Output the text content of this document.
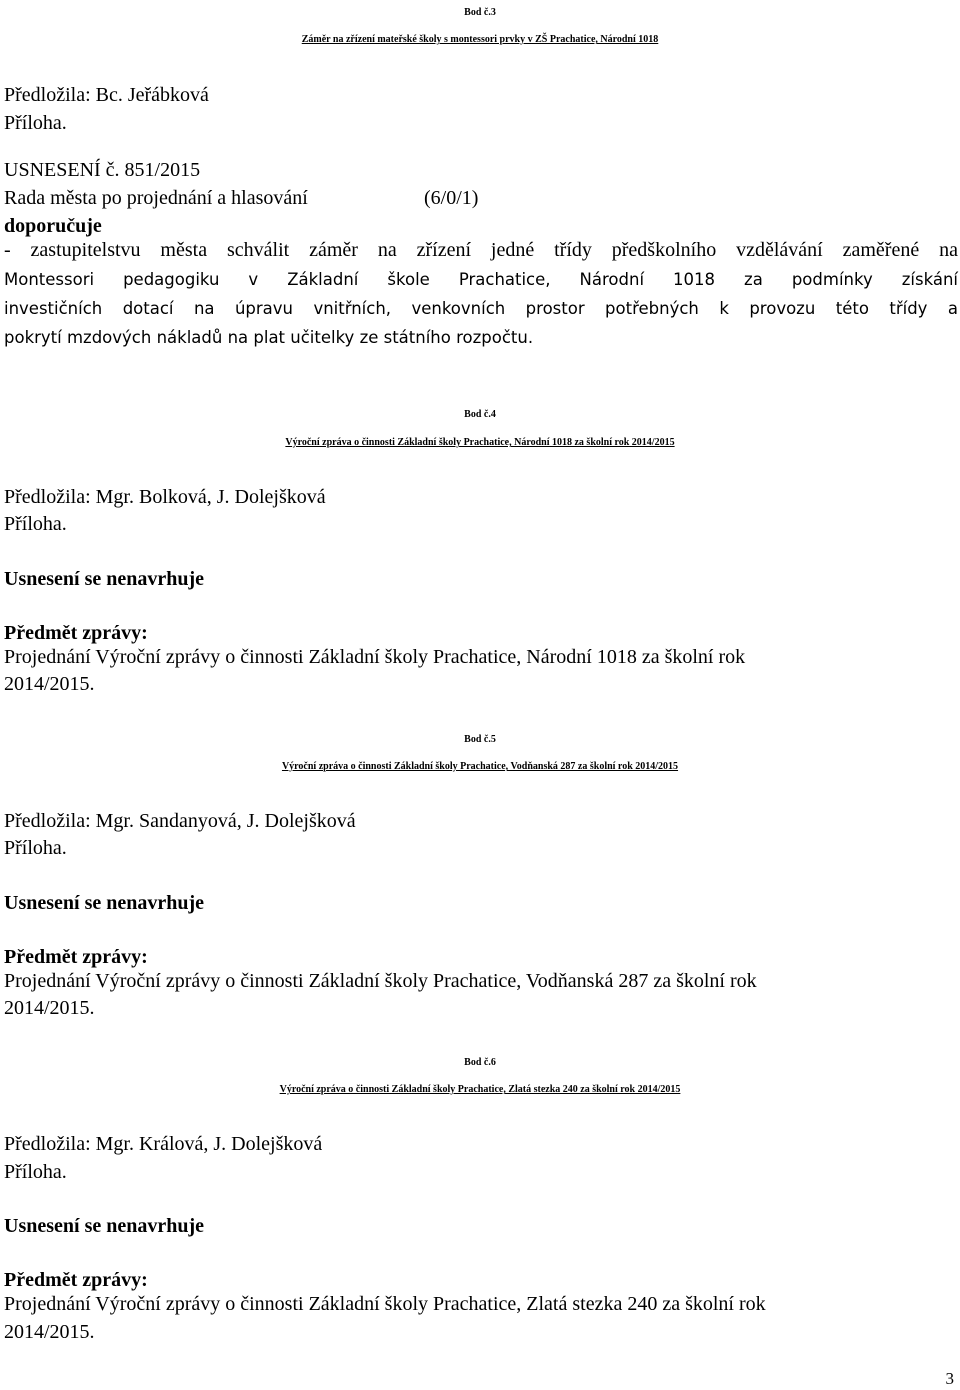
Bod č.3
Záměr na zřízení mateřské školy s montessori prvky v ZŠ Prachatice, Národní 1018
Předložila: Bc. Jeřábková
Příloha.
USNESENÍ č. 851/2015
Rada města po projednání a hlasování	(6/0/1)
doporučuje
- zastupitelstvu města schválit záměr na zřízení jedné třídy předškolního vzdělávání zaměřené na
Montessori pedagogiku v Základní škole Prachatice, Národní 1018 za podmínky získání
investičních dotací na úpravu vnitřních, venkovních prostor potřebných k provozu této třídy a
pokrytí mzdových nákladů na plat učitelky ze státního rozpočtu.
Bod č.4
Výroční zpráva o činnosti Základní školy Prachatice, Národní 1018 za školní rok 2014/2015
Předložila: Mgr. Bolková, J. Dolejšková
Příloha.
Usnesení se nenavrhuje
Předmět zprávy:
Projednání Výroční zprávy o činnosti Základní školy Prachatice, Národní 1018 za školní rok
2014/2015.
Bod č.5
Výroční zpráva o činnosti Základní školy Prachatice, Vodňanská 287 za školní rok 2014/2015
Předložila: Mgr. Sandanyová, J. Dolejšková
Příloha.
Usnesení se nenavrhuje
Předmět zprávy:
Projednání Výroční zprávy o činnosti Základní školy Prachatice, Vodňanská 287 za školní rok
2014/2015.
Bod č.6
Výroční zpráva o činnosti Základní školy Prachatice, Zlatá stezka 240 za školní rok 2014/2015
Předložila: Mgr. Králová, J. Dolejšková
Příloha.
Usnesení se nenavrhuje
Předmět zprávy:
Projednání Výroční zprávy o činnosti Základní školy Prachatice, Zlatá stezka 240 za školní rok
2014/2015.
3
